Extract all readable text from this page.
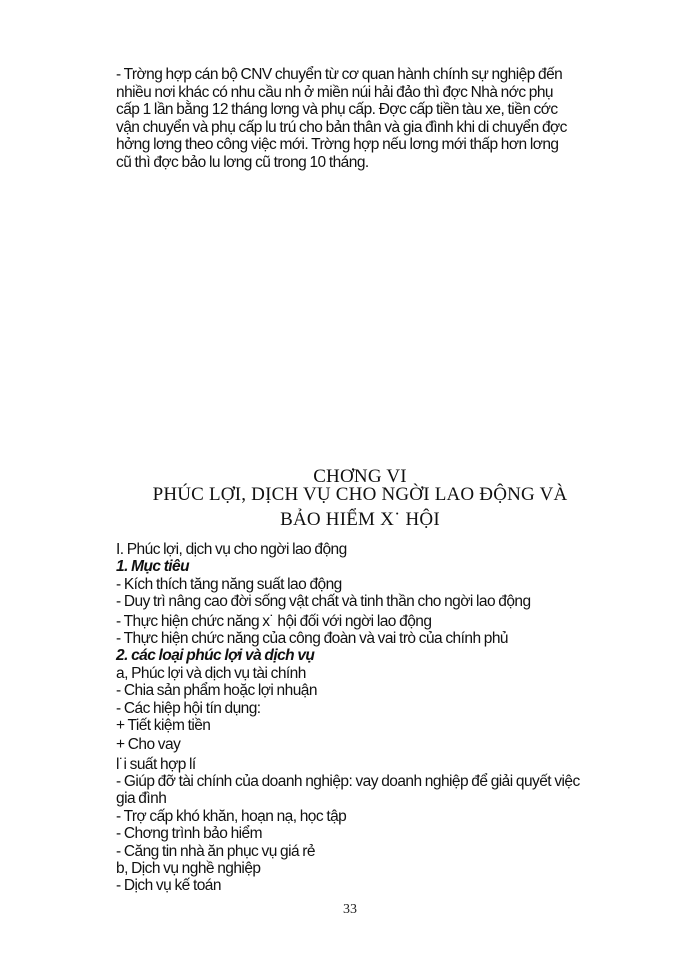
- Trờng hợp cán bộ CNV chuyển từ cơ quan hành chính sự nghiệp đến
nhiều nơi khác có nhu cầu nh ở miền núi hải đảo thì đợc Nhà nớc phụ
cấp 1 lần bằng 12 tháng lơng và phụ cấp. Đợc cấp tiền tàu xe, tiền cớc
vận chuyển và phụ cấp lu trú cho bản thân và gia đình khi di chuyển đợc
hởng lơng theo công việc mới. Trờng hợp nếu lơng mới thấp hơn lơng
cũ thì đợc bảo lu lơng cũ trong 10 tháng.
CHƠNG VI
PHÚC LỢI, DỊCH VỤ CHO NGỜI LAO ĐỘNG VÀ
BẢO HIỂM X˙ HỘI
I. Phúc lợi, dịch vụ cho ngời lao động
1. Mục tiêu
- Kích thích tăng năng suất lao động
- Duy trì nâng cao đời sống vật chất và tinh thần cho ngời lao động
- Thực hiện chức năng x˙ hội đối với ngời lao động
- Thực hiện chức năng của công đoàn và vai trò của chính phủ
2. các loại phúc lợi và dịch vụ
a, Phúc lợi và dịch vụ tài chính
- Chia sản phẩm hoặc lợi nhuận
- Các hiệp hội tín dụng:
+ Tiết kiệm tiền
+ Cho vay
l˙i suất hợp lí
- Giúp đỡ tài chính của doanh nghiệp: vay doanh nghiệp để giải quyết việc
gia đình
- Trợ cấp khó khăn, hoạn nạ, học tập
- Chơng trình bảo hiểm
- Căng tin nhà ăn phục vụ giá rẻ
b, Dịch vụ nghề nghiệp
- Dịch vụ kế toán
33
